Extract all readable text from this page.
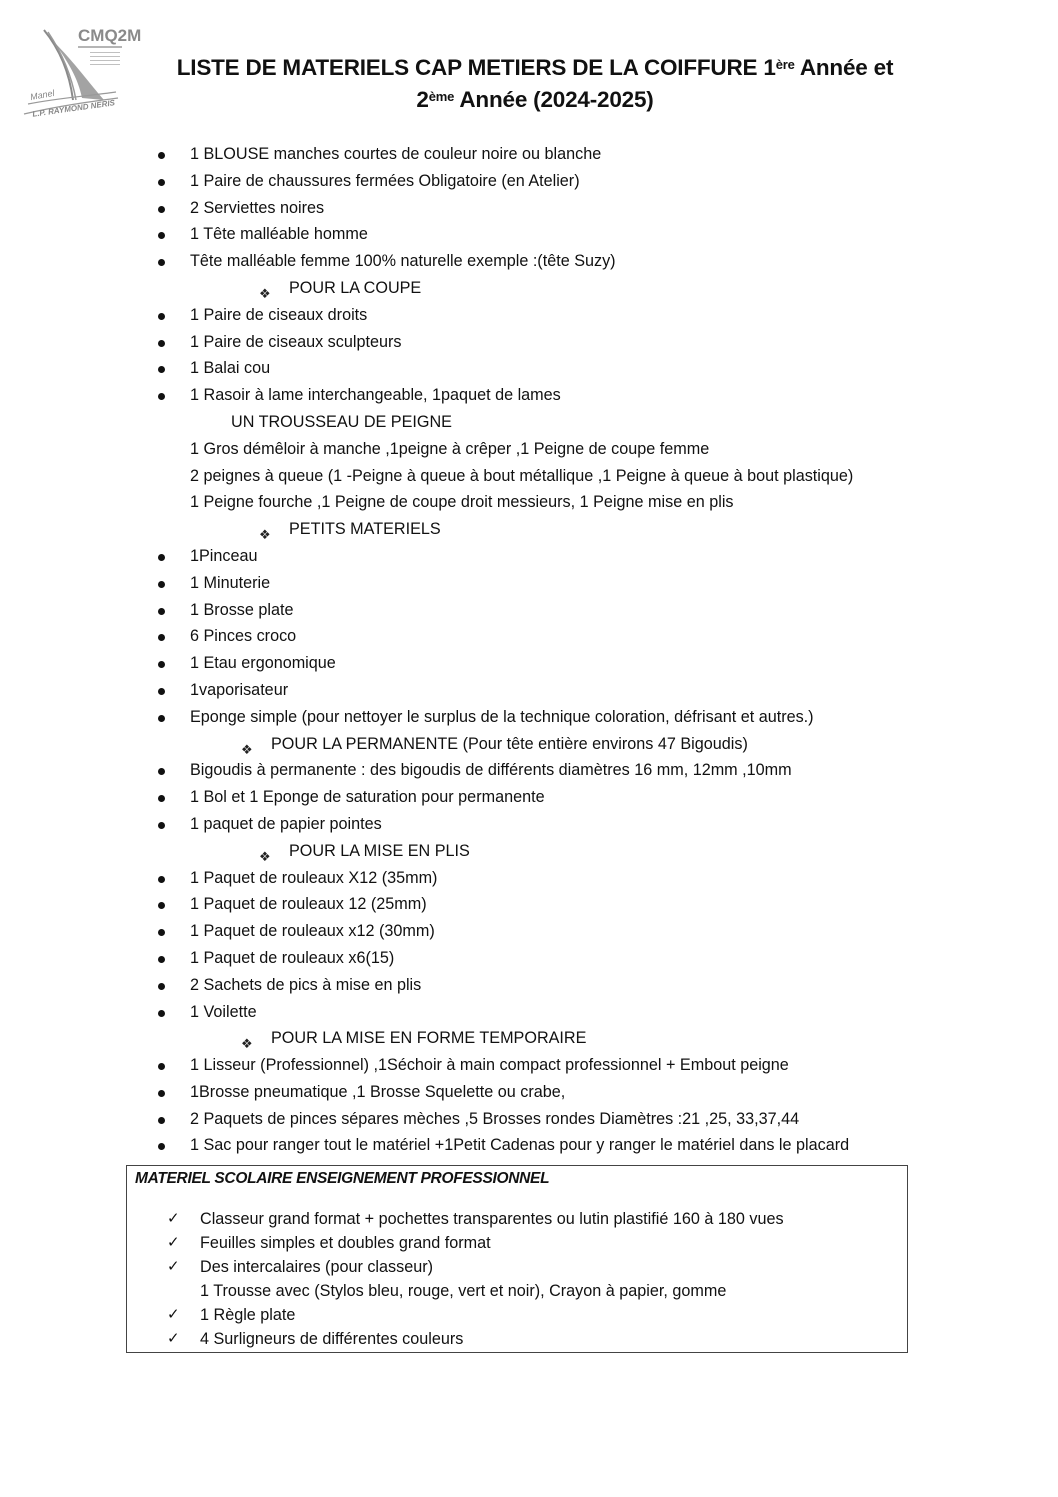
CMQ2M
Manel
L.P. RAYMOND NERIS
LISTE DE MATERIELS CAP METIERS DE LA COIFFURE 1ère Année et
2ème Année (2024-2025)
1 BLOUSE manches courtes de couleur noire ou blanche
1 Paire de chaussures fermées Obligatoire (en Atelier)
2 Serviettes noires
1 Tête malléable homme
Tête malléable femme 100% naturelle exemple :(tête Suzy)
❖ POUR LA COUPE
1 Paire de ciseaux droits
1 Paire de ciseaux sculpteurs
1 Balai cou
1 Rasoir à lame interchangeable, 1paquet de lames
UN TROUSSEAU DE PEIGNE
1 Gros démêloir à manche ,1peigne à crêper ,1 Peigne de coupe femme
2 peignes à queue (1 -Peigne à queue à bout métallique ,1 Peigne à queue à bout plastique)
1 Peigne fourche ,1 Peigne de coupe droit messieurs, 1 Peigne mise en plis
❖ PETITS MATERIELS
1Pinceau
1 Minuterie
1 Brosse plate
6 Pinces croco
1 Etau ergonomique
1vaporisateur
Eponge simple (pour nettoyer le surplus de la technique coloration, défrisant et autres.)
❖ POUR LA PERMANENTE (Pour tête entière environs 47 Bigoudis)
Bigoudis à permanente : des bigoudis de différents diamètres 16 mm, 12mm ,10mm
1 Bol et 1 Eponge de saturation pour permanente
1 paquet de papier pointes
❖ POUR LA MISE EN PLIS
1 Paquet de rouleaux X12 (35mm)
1 Paquet de rouleaux 12 (25mm)
1 Paquet de rouleaux x12 (30mm)
1 Paquet de rouleaux x6(15)
2 Sachets de pics à mise en plis
1 Voilette
❖ POUR LA MISE EN FORME TEMPORAIRE
1 Lisseur (Professionnel) ,1Séchoir à main compact professionnel + Embout peigne
1Brosse pneumatique ,1 Brosse Squelette ou crabe,
2 Paquets de pinces sépares mèches ,5 Brosses rondes Diamètres :21 ,25, 33,37,44
1 Sac pour ranger tout le matériel +1Petit Cadenas pour y ranger le matériel dans le placard
MATERIEL SCOLAIRE ENSEIGNEMENT PROFESSIONNEL
✓ Classeur grand format + pochettes transparentes ou lutin plastifié 160 à 180 vues
✓ Feuilles simples et doubles grand format
✓ Des intercalaires (pour classeur)
1 Trousse avec (Stylos bleu, rouge, vert et noir), Crayon à papier, gomme
✓ 1 Règle plate
✓ 4 Surligneurs de différentes couleurs
